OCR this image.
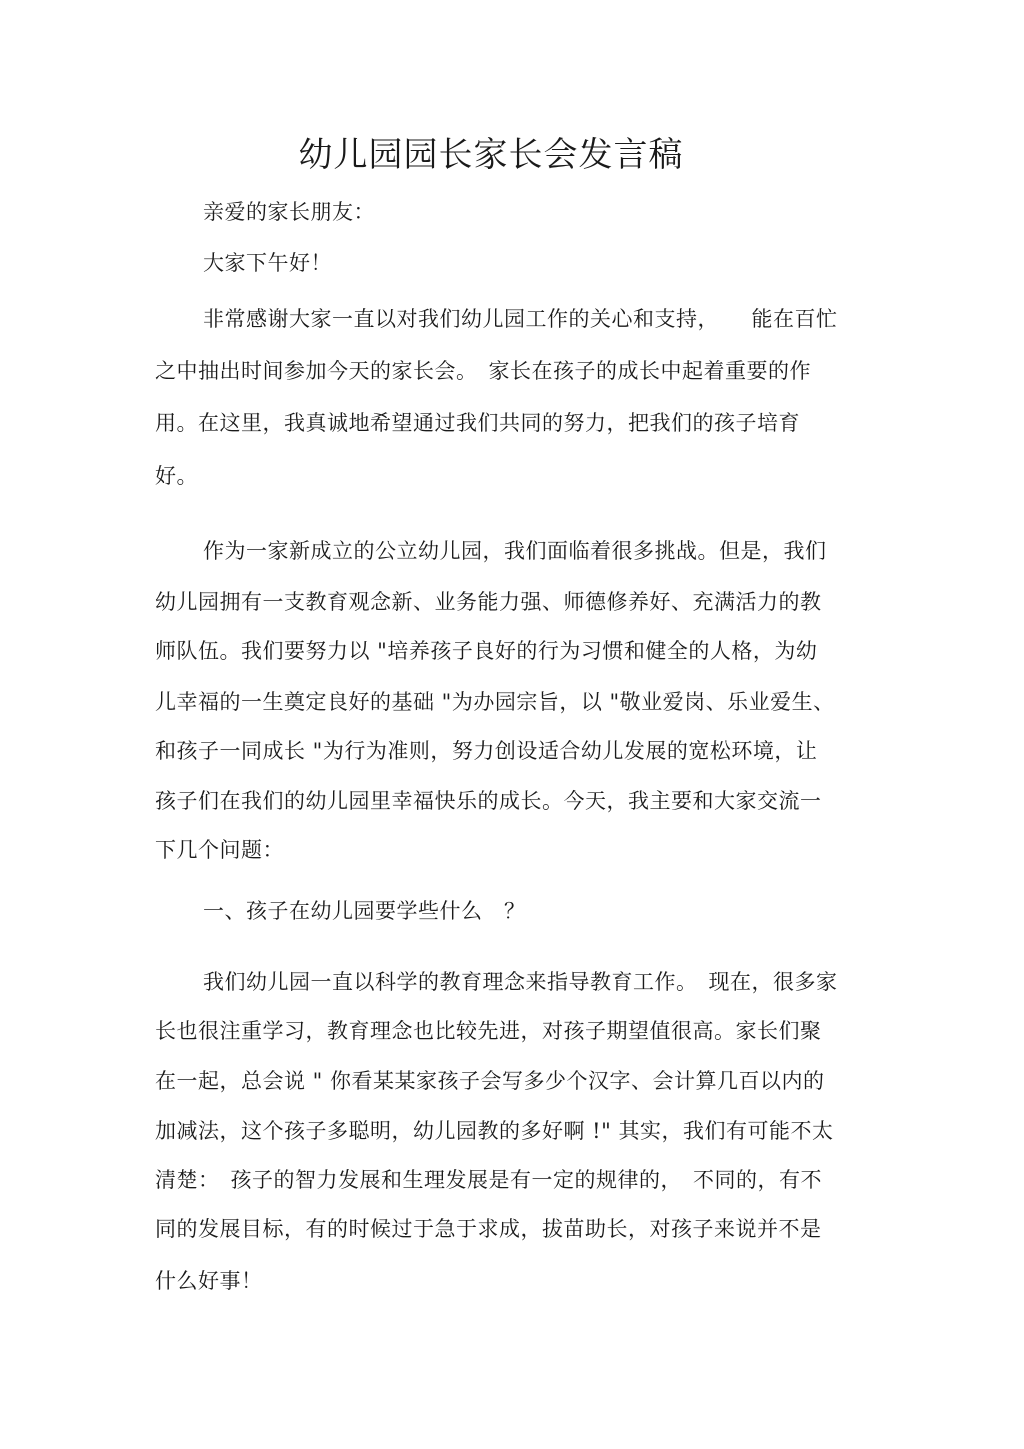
幼儿园园长家长会发言稿
亲爱的家长朋友：
大家下午好！
非常感谢大家一直以对我们幼儿园工作的关心和支持，　　能在百忙
之中抽出时间参加今天的家长会。　家长在孩子的成长中起着重要的作
用。在这里，我真诚地希望通过我们共同的努力，把我们的孩子培育
好。
作为一家新成立的公立幼儿园，我们面临着很多挑战。但是，我们
幼儿园拥有一支教育观念新、业务能力强、师德修养好、充满活力的教
师队伍。我们要努力以 "培养孩子良好的行为习惯和健全的人格，为幼
儿幸福的一生奠定良好的基础 "为办园宗旨，以 "敬业爱岗、乐业爱生、
和孩子一同成长 "为行为准则，努力创设适合幼儿发展的宽松环境，让
孩子们在我们的幼儿园里幸福快乐的成长。今天，我主要和大家交流一
下几个问题：
一、孩子在幼儿园要学些什么　？
我们幼儿园一直以科学的教育理念来指导教育工作。　现在，很多家
长也很注重学习，教育理念也比较先进，对孩子期望值很高。家长们聚
在一起，总会说 " 你看某某家孩子会写多少个汉字、会计算几百以内的
加减法，这个孩子多聪明，幼儿园教的多好啊 !" 其实，我们有可能不太
清楚：　孩子的智力发展和生理发展是有一定的规律的，　不同的，有不
同的发展目标，有的时候过于急于求成，拔苗助长，对孩子来说并不是
什么好事！
